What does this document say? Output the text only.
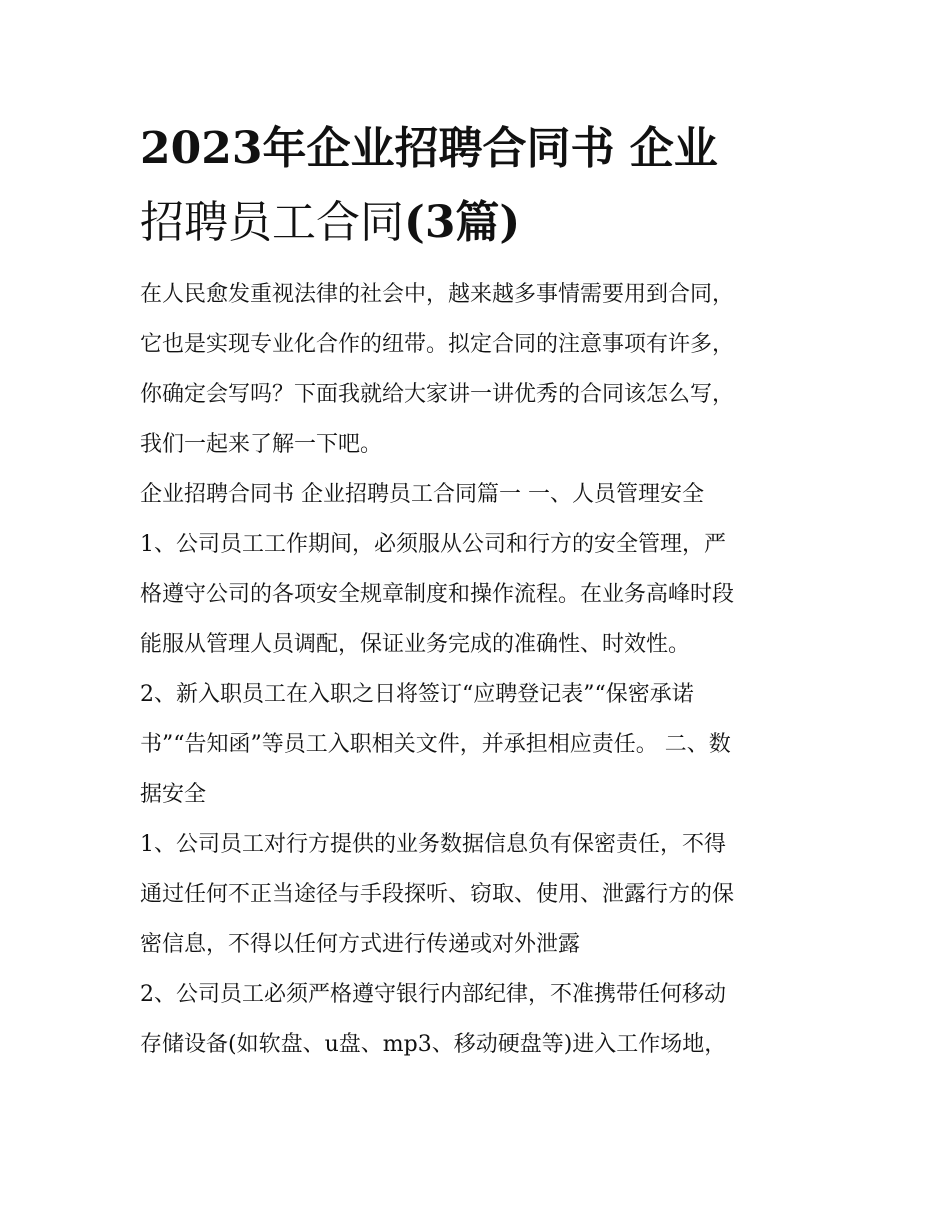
2023年企业招聘合同书 企业
招聘员工合同(3篇)

在人民愈发重视法律的社会中，越来越多事情需要用到合同，
它也是实现专业化合作的纽带。拟定合同的注意事项有许多，
你确定会写吗？下面我就给大家讲一讲优秀的合同该怎么写，
我们一起来了解一下吧。

企业招聘合同书 企业招聘员工合同篇一 一、人员管理安全

1、公司员工工作期间，必须服从公司和行方的安全管理，严
格遵守公司的各项安全规章制度和操作流程。在业务高峰时段
能服从管理人员调配，保证业务完成的准确性、时效性。

2、新入职员工在入职之日将签订“应聘登记表”“保密承诺
书”“告知函”等员工入职相关文件，并承担相应责任。 二、数
据安全

1、公司员工对行方提供的业务数据信息负有保密责任，不得
通过任何不正当途径与手段探听、窃取、使用、泄露行方的保
密信息，不得以任何方式进行传递或对外泄露

2、公司员工必须严格遵守银行内部纪律，不准携带任何移动
存储设备(如软盘、u盘、mp3、移动硬盘等)进入工作场地，
